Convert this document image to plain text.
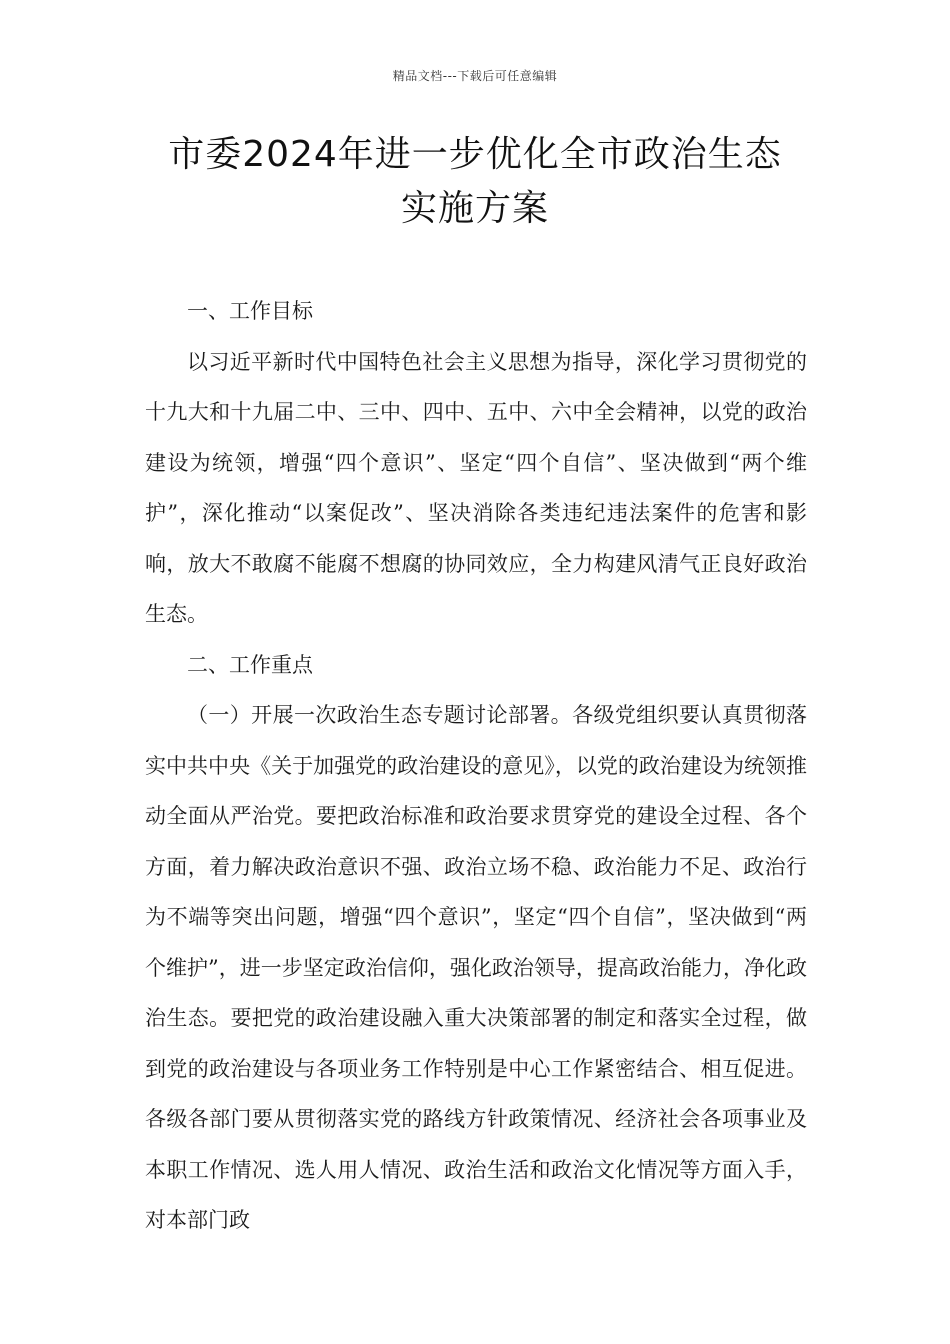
精品文档---下载后可任意编辑
市委2024年进一步优化全市政治生态
实施方案

一、工作目标

以习近平新时代中国特色社会主义思想为指导，深化学习贯彻党的十九大和十九届二中、三中、四中、五中、六中全会精神，以党的政治建设为统领，增强“四个意识”、坚定“四个自信”、坚决做到“两个维护”，深化推动“以案促改”、坚决消除各类违纪违法案件的危害和影响，放大不敢腐不能腐不想腐的协同效应，全力构建风清气正良好政治生态。

二、工作重点

（一）开展一次政治生态专题讨论部署。各级党组织要认真贯彻落实中共中央《关于加强党的政治建设的意见》，以党的政治建设为统领推动全面从严治党。要把政治标准和政治要求贯穿党的建设全过程、各个方面，着力解决政治意识不强、政治立场不稳、政治能力不足、政治行为不端等突出问题，增强“四个意识”，坚定“四个自信”，坚决做到“两个维护”，进一步坚定政治信仰，强化政治领导，提高政治能力，净化政治生态。要把党的政治建设融入重大决策部署的制定和落实全过程，做到党的政治建设与各项业务工作特别是中心工作紧密结合、相互促进。各级各部门要从贯彻落实党的路线方针政策情况、经济社会各项事业及本职工作情况、选人用人情况、政治生活和政治文化情况等方面入手，对本部门政
